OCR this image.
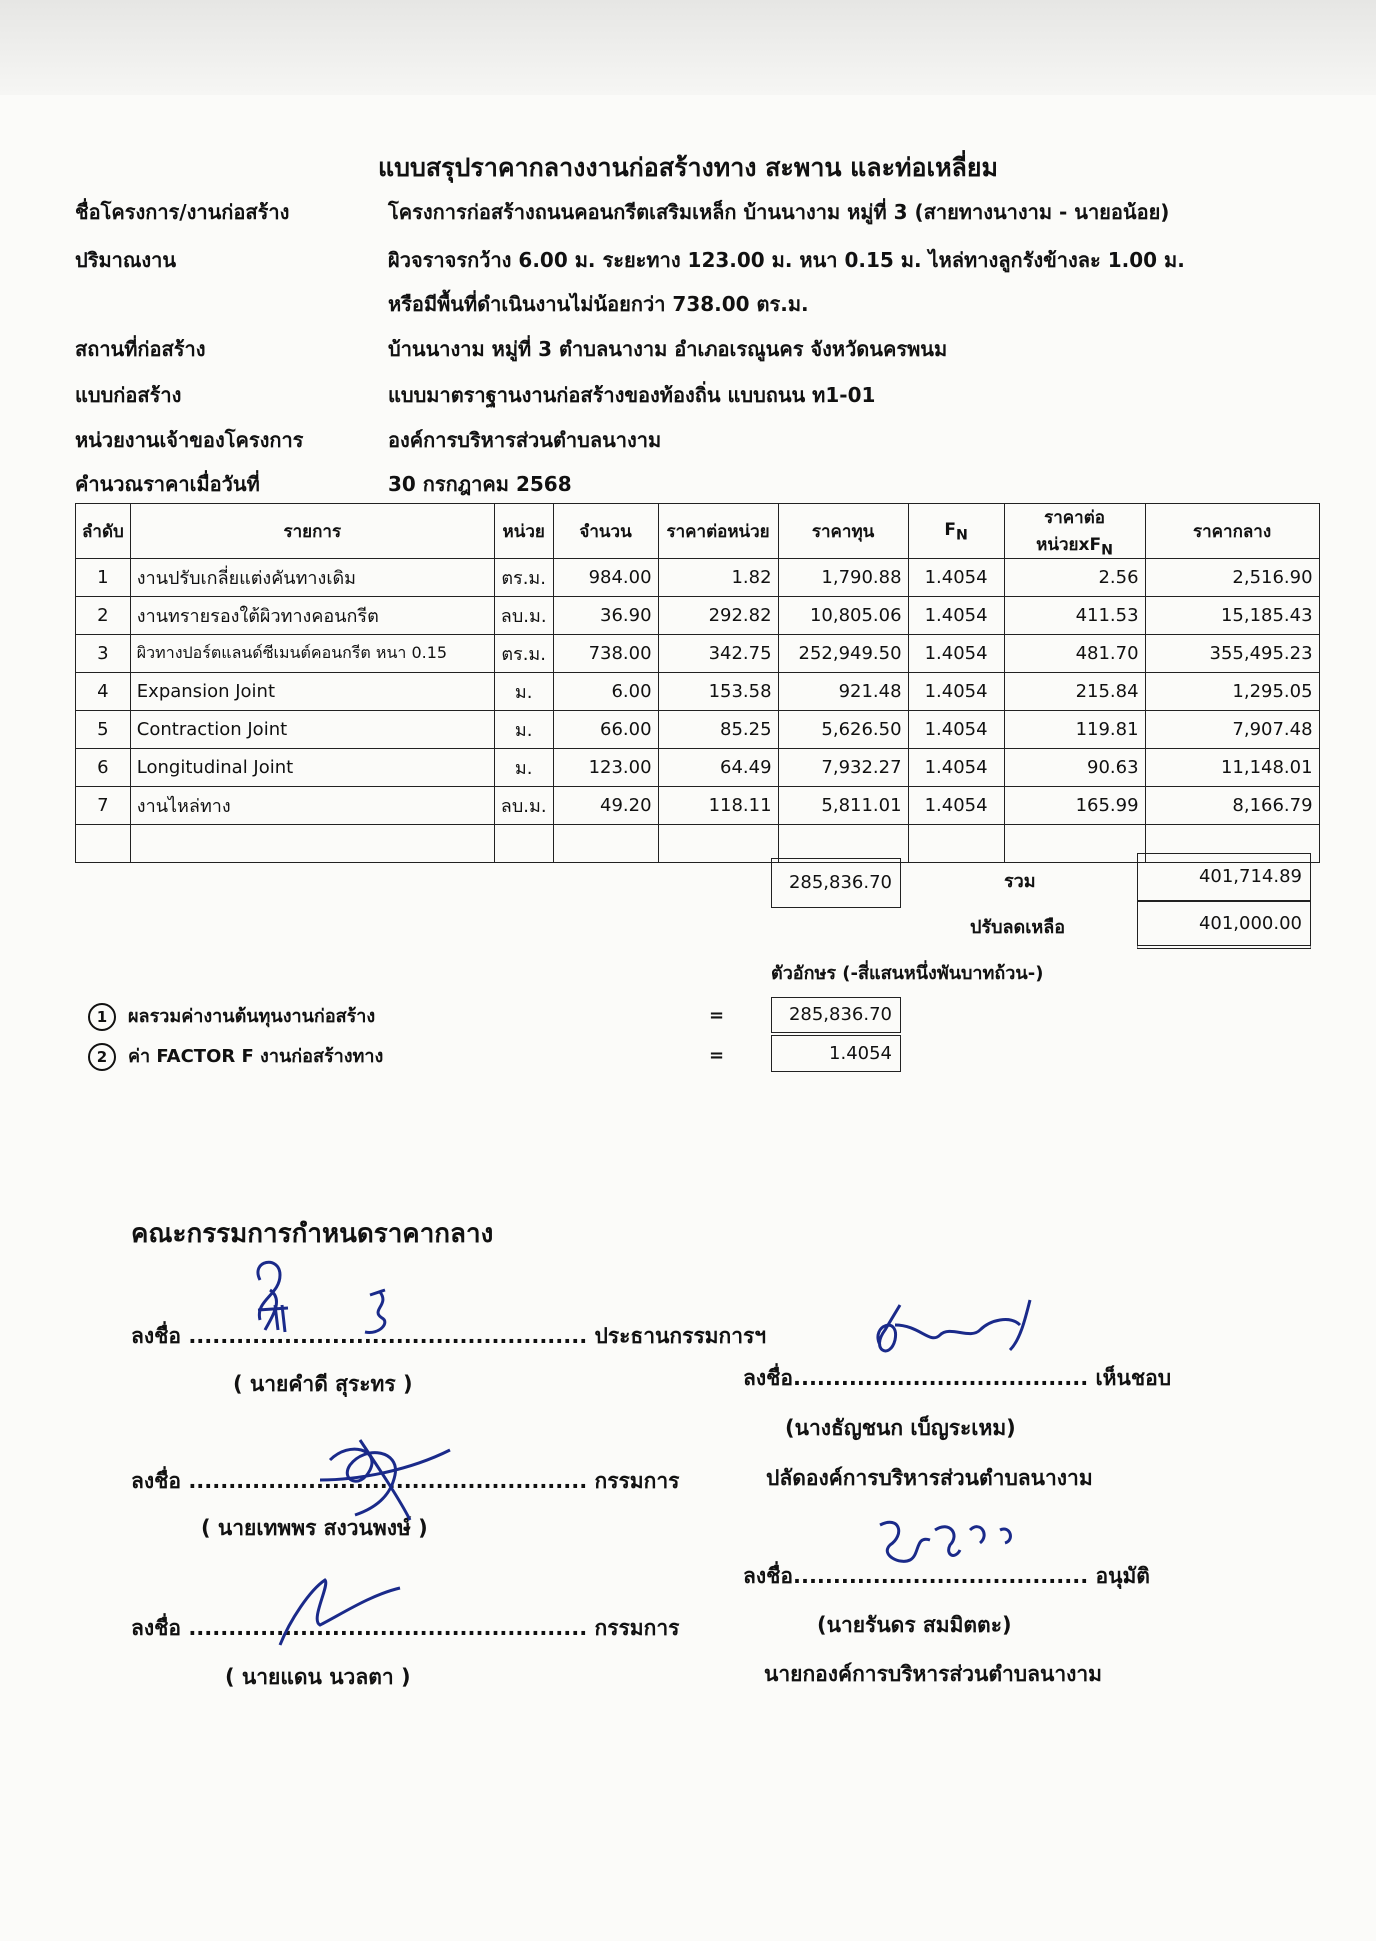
แบบสรุปราคากลางงานก่อสร้างทาง สะพาน และท่อเหลี่ยม
ชื่อโครงการ/งานก่อสร้าง	โครงการก่อสร้างถนนคอนกรีตเสริมเหล็ก บ้านนางาม หมู่ที่ 3 (สายทางนางาม - นายอน้อย)
ปริมาณงาน	ผิวจราจรกว้าง 6.00 ม. ระยะทาง 123.00 ม. หนา 0.15 ม. ไหล่ทางลูกรังข้างละ 1.00 ม.
หรือมีพื้นที่ดำเนินงานไม่น้อยกว่า 738.00 ตร.ม.
สถานที่ก่อสร้าง	บ้านนางาม หมู่ที่ 3 ตำบลนางาม อำเภอเรณูนคร จังหวัดนครพนม
แบบก่อสร้าง	แบบมาตราฐานงานก่อสร้างของท้องถิ่น แบบถนน ท1-01
หน่วยงานเจ้าของโครงการ	องค์การบริหารส่วนตำบลนางาม
คำนวณราคาเมื่อวันที่	30 กรกฎาคม 2568
ลำดับ	รายการ	หน่วย	จำนวน	ราคาต่อหน่วย	ราคาทุน	$F_N$	ราคาต่อหน่วย$xF_N$	ราคากลาง
1	งานปรับเกลี่ยแต่งคันทางเดิม	ตร.ม.	984.00	1.82	1,790.88	1.4054	2.56	2,516.90
2	งานทรายรองใต้ผิวทางคอนกรีต	ลบ.ม.	36.90	292.82	10,805.06	1.4054	411.53	15,185.43
3	ผิวทางปอร์ตแลนด์ซีเมนต์คอนกรีต หนา 0.15	ตร.ม.	738.00	342.75	252,949.50	1.4054	481.70	355,495.23
4	Expansion Joint	ม.	6.00	153.58	921.48	1.4054	215.84	1,295.05
5	Contraction Joint	ม.	66.00	85.25	5,626.50	1.4054	119.81	7,907.48
6	Longitudinal Joint	ม.	123.00	64.49	7,932.27	1.4054	90.63	11,148.01
7	งานไหล่ทาง	ลบ.ม.	49.20	118.11	5,811.01	1.4054	165.99	8,166.79

285,836.70	รวม	401,714.89
ปรับลดเหลือ	401,000.00
ตัวอักษร (-สี่แสนหนึ่งพันบาทถ้วน-)
1 ผลรวมค่างานต้นทุนงานก่อสร้าง	=	285,836.70
2 ค่า FACTOR F งานก่อสร้างทาง	=	1.4054
คณะกรรมการกำหนดราคากลาง
ลงชื่อ .................................................. ประธานกรรมการฯ
( นายคำดี สุระทร )
ลงชื่อ .................................................. กรรมการ
( นายเทพพร สงวนพงษ์ )
ลงชื่อ .................................................. กรรมการ
( นายแดน นวลตา )
ลงชื่อ..................................... เห็นชอบ
(นางธัญชนก เบ็ญระเหม)
ปลัดองค์การบริหารส่วนตำบลนางาม
ลงชื่อ..................................... อนุมัติ
(นายรันดร สมมิตตะ)
นายกองค์การบริหารส่วนตำบลนางาม
